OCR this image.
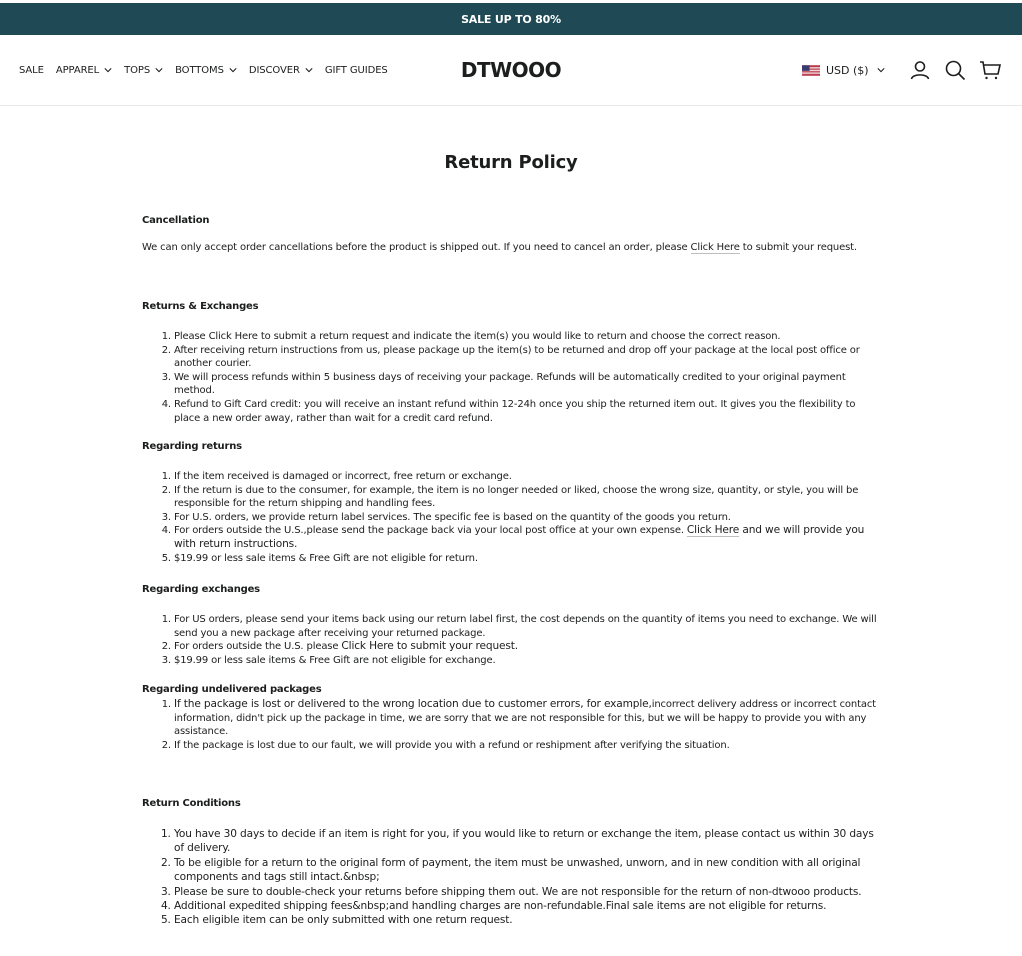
SALE UP TO 80%
SALE APPAREL	TOPS	BOTTOMS	DISCOVER	GIFT GUIDES	DTWOOO	USD ($)
Return Policy
Cancellation
We can only accept order cancellations before the product is shipped out. If you need to cancel an order, please Click Here to submit your request.
Returns & Exchanges
1. Please Click Here to submit a return request and indicate the item(s) you would like to return and choose the correct reason.
2. After receiving return instructions from us, please package up the item(s) to be returned and drop off your package at the local post office or another courier.
3. We will process refunds within 5 business days of receiving your package. Refunds will be automatically credited to your original payment method.
4. Refund to Gift Card credit: you will receive an instant refund within 12-24h once you ship the returned item out. It gives you the flexibility to place a new order away, rather than wait for a credit card refund.
Regarding returns
1. If the item received is damaged or incorrect, free return or exchange.
2. If the return is due to the consumer, for example, the item is no longer needed or liked, choose the wrong size, quantity, or style, you will be responsible for the return shipping and handling fees.
3. For U.S. orders, we provide return label services. The specific fee is based on the quantity of the goods you return.
4. For orders outside the U.S.,please send the package back via your local post office at your own expense. Click Here and we will provide you with return instructions.
5. $19.99 or less sale items & Free Gift are not eligible for return.
Regarding exchanges
1. For US orders, please send your items back using our return label first, the cost depends on the quantity of items you need to exchange. We will send you a new package after receiving your returned package.
2. For orders outside the U.S. please Click Here to submit your request.
3. $19.99 or less sale items & Free Gift are not eligible for exchange.
Regarding undelivered packages
1. If the package is lost or delivered to the wrong location due to customer errors, for example,incorrect delivery address or incorrect contact information, didn't pick up the package in time, we are sorry that we are not responsible for this, but we will be happy to provide you with any assistance.
2. If the package is lost due to our fault, we will provide you with a refund or reshipment after verifying the situation.
Return Conditions
1. You have 30 days to decide if an item is right for you, if you would like to return or exchange the item, please contact us within 30 days of delivery.
2. To be eligible for a return to the original form of payment, the item must be unwashed, unworn, and in new condition with all original components and tags still intact.&nbsp;
3. Please be sure to double-check your returns before shipping them out. We are not responsible for the return of non-dtwooo products.
4. Additional expedited shipping fees&nbsp;and handling charges are non-refundable.Final sale items are not eligible for returns.
5. Each eligible item can be only submitted with one return request.
